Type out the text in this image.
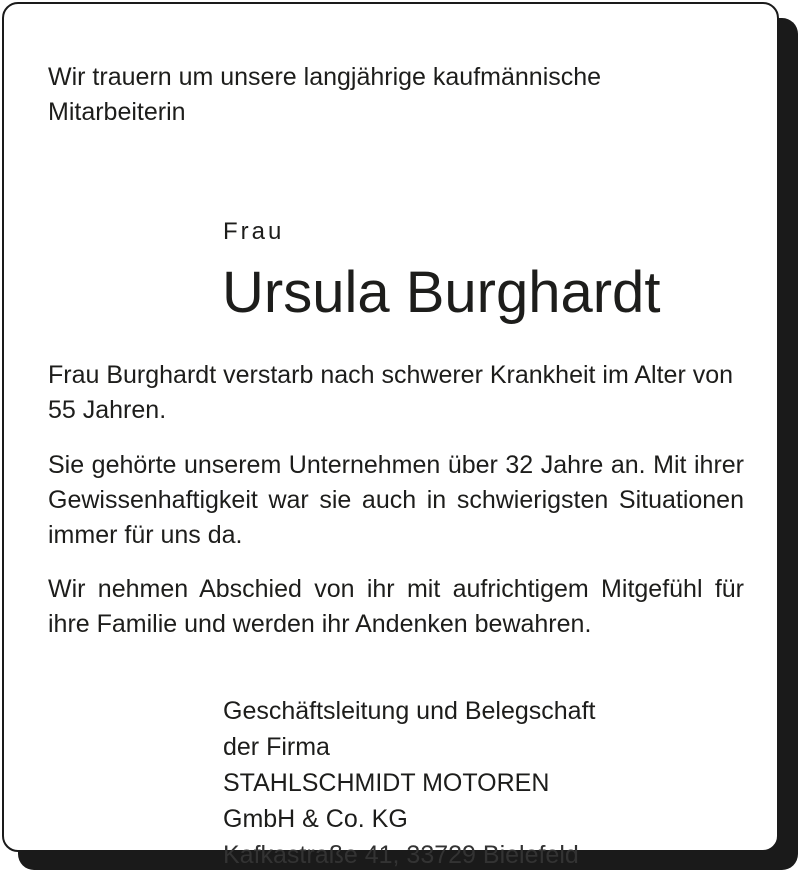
Wir trauern um unsere langjährige kaufmännische Mitarbeiterin

Frau

Ursula Burghardt

Frau Burghardt verstarb nach schwerer Krankheit im Alter von 55 Jahren.

Sie gehörte unserem Unternehmen über 32 Jahre an. Mit ihrer Gewissenhaftigkeit war sie auch in schwierigsten Situationen immer für uns da.

Wir nehmen Abschied von ihr mit aufrichtigem Mitgefühl für ihre Familie und werden ihr Andenken bewahren.

Geschäftsleitung und Belegschaft
der Firma
STAHLSCHMIDT MOTOREN
GmbH & Co. KG
Kafkastraße 41, 33729 Bielefeld
